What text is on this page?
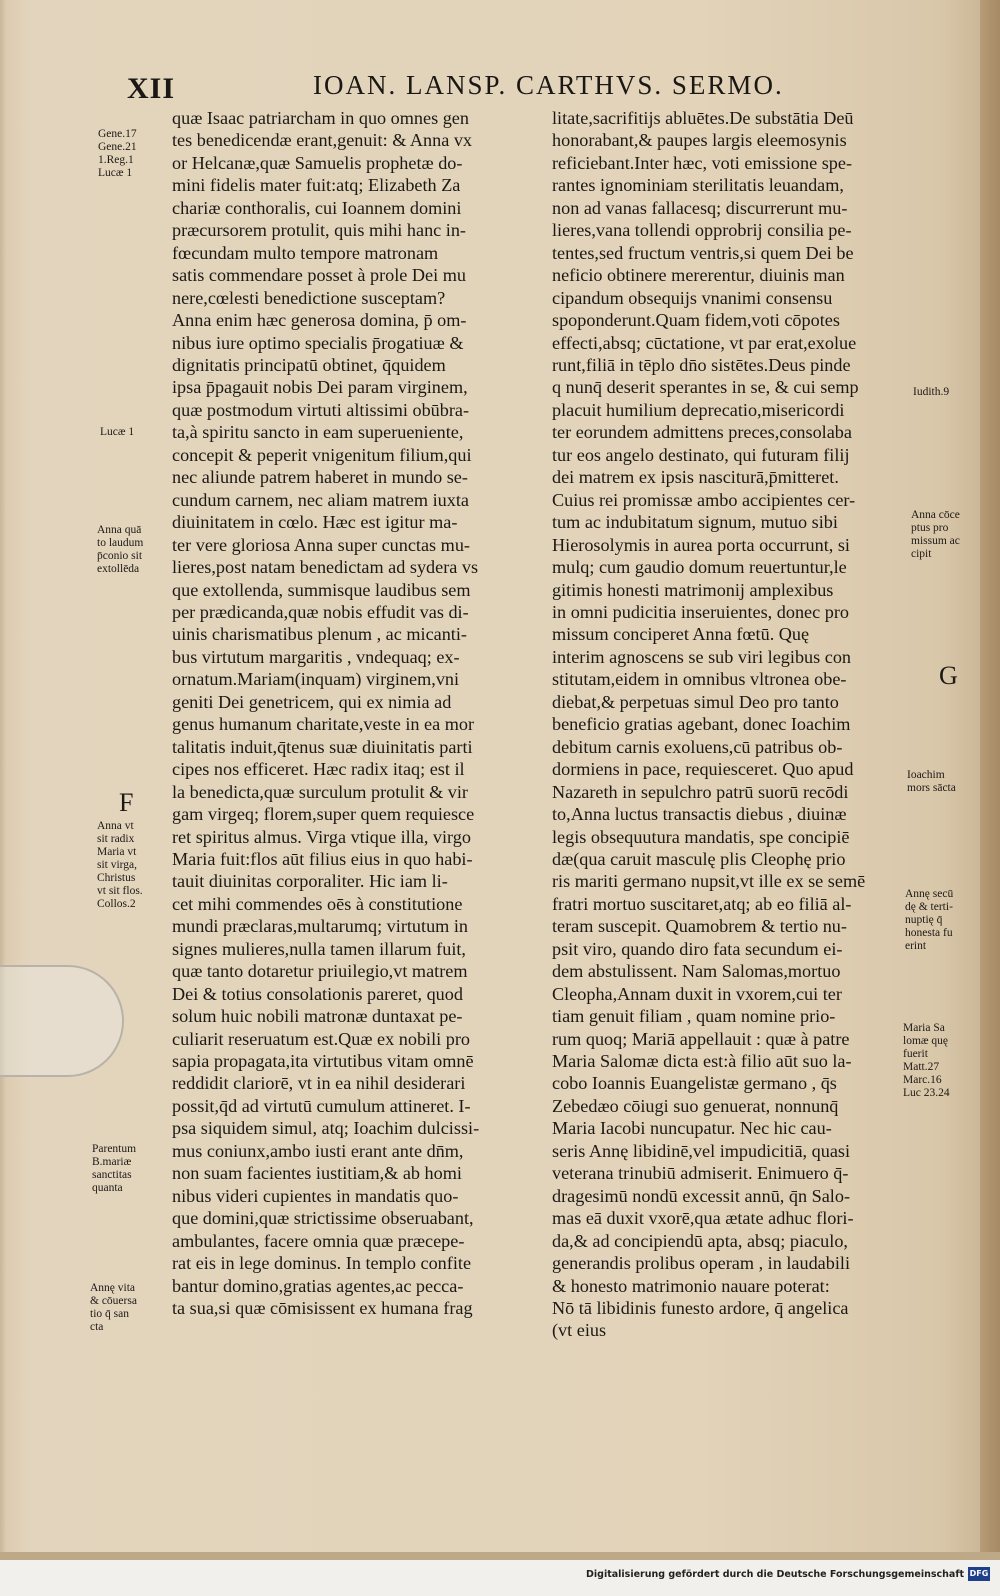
XII	IOAN. LANSP. CARTHVS. SERMO.
quæ Isaac patriarcham in quo omnes gen
tes benedicendæ erant,genuit: & Anna vx
or Helcanæ,quæ Samuelis prophetæ do-
mini fidelis mater fuit:atq; Elizabeth Za
chariæ conthoralis, cui Ioannem domini
præcursorem protulit, quis mihi hanc in-
fœcundam multo tempore matronam
satis commendare posset à prole Dei mu
nere,cœlesti benedictione susceptam?
Anna enim hæc generosa domina, p̄ om-
nibus iure optimo specialis p̄rogatiuæ &
dignitatis principatū obtinet, q̄quidem
ipsa p̄pagauit nobis Dei param virginem,
quæ postmodum virtuti altissimi obūbra-
ta,à spiritu sancto in eam superueniente,
concepit & peperit vnigenitum filium,qui
nec aliunde patrem haberet in mundo se-
cundum carnem, nec aliam matrem iuxta
diuinitatem in cœlo. Hæc est igitur ma-
ter vere gloriosa Anna super cunctas mu-
lieres,post natam benedictam ad sydera vs
que extollenda, summisque laudibus sem
per prædicanda,quæ nobis effudit vas di-
uinis charismatibus plenum , ac micanti-
bus virtutum margaritis , vndequaq; ex-
ornatum.Mariam(inquam) virginem,vni
geniti Dei genetricem, qui ex nimia ad
genus humanum charitate,veste in ea mor
talitatis induit,q̄tenus suæ diuinitatis parti
cipes nos efficeret. Hæc radix itaq; est il
la benedicta,quæ surculum protulit & vir
gam virgeq; florem,super quem requiesce
ret spiritus almus. Virga vtique illa, virgo
Maria fuit:flos aūt filius eius in quo habi-
tauit diuinitas corporaliter. Hic iam li-
cet mihi commendes oēs à constitutione
mundi præclaras,multarumq; virtutum in
signes mulieres,nulla tamen illarum fuit,
quæ tanto dotaretur priuilegio,vt matrem
Dei & totius consolationis pareret, quod
solum huic nobili matronæ duntaxat pe-
culiarit reseruatum est.Quæ ex nobili pro
sapia propagata,ita virtutibus vitam omnē
reddidit clariorē, vt in ea nihil desiderari
possit,q̄d ad virtutū cumulum attineret. I-
psa siquidem simul, atq; Ioachim dulcissi-
mus coniunx,ambo iusti erant ante dn̄m,
non suam facientes iustitiam,& ab homi
nibus videri cupientes in mandatis quo-
que domini,quæ strictissime obseruabant,
ambulantes, facere omnia quæ præcepe-
rat eis in lege dominus. In templo confite
bantur domino,gratias agentes,ac pecca-
ta sua,si quæ cōmisissent ex humana frag
litate,sacrifitijs abluētes.De substātia Deū
honorabant,& paupes largis eleemosynis
reficiebant.Inter hæc, voti emissione spe-
rantes ignominiam sterilitatis leuandam,
non ad vanas fallacesq; discurrerunt mu-
lieres,vana tollendi opprobrij consilia pe-
tentes,sed fructum ventris,si quem Dei be
neficio obtinere mererentur, diuinis man
cipandum obsequijs vnanimi consensu
spoponderunt.Quam fidem,voti cōpotes
effecti,absq; cūctatione, vt par erat,exolue
runt,filiā in tēplo dn̄o sistētes.Deus pinde
q nunq̄ deserit sperantes in se, & cui semp
placuit humilium deprecatio,misericordi
ter eorundem admittens preces,consolaba
tur eos angelo destinato, qui futuram filij
dei matrem ex ipsis nasciturā,p̄mitteret.
Cuius rei promissæ ambo accipientes cer-
tum ac indubitatum signum, mutuo sibi
Hierosolymis in aurea porta occurrunt, si
mulq; cum gaudio domum reuertuntur,le
gitimis honesti matrimonij amplexibus
in omni pudicitia inseruientes, donec pro
missum conciperet Anna fœtū. Quę
interim agnoscens se sub viri legibus con
stitutam,eidem in omnibus vltronea obe-
diebat,& perpetuas simul Deo pro tanto
beneficio gratias agebant, donec Ioachim
debitum carnis exoluens,cū patribus ob-
dormiens in pace, requiesceret. Quo apud
Nazareth in sepulchro patrū suorū recōdi
to,Anna luctus transactis diebus , diuinæ
legis obsequutura mandatis, spe concipiē
dæ(qua caruit masculę plis Cleophę prio
ris mariti germano nupsit,vt ille ex se semē
fratri mortuo suscitaret,atq; ab eo filiā al-
teram suscepit. Quamobrem & tertio nu-
psit viro, quando diro fata secundum ei-
dem abstulissent. Nam Salomas,mortuo
Cleopha,Annam duxit in vxorem,cui ter
tiam genuit filiam , quam nomine prio-
rum quoq; Mariā appellauit : quæ à patre
Maria Salomæ dicta est:à filio aūt suo la-
cobo Ioannis Euangelistæ germano , q̄s
Zebedæo cōiugi suo genuerat, nonnunq̄
Maria Iacobi nuncupatur. Nec hic cau-
seris Annę libidinē,vel impudicitiā, quasi
veterana trinubiū admiserit. Enimuero q̄-
dragesimū nondū excessit annū, q̄n Salo-
mas eā duxit vxorē,qua ætate adhuc flori-
da,& ad concipiendū apta, absq; piaculo,
generandis prolibus operam , in laudabili
& honesto matrimonio nauare poterat:
Nō tā libidinis funesto ardore, q̄ angelica
(vt eius
Gene.17
Gene.21
1.Reg.1
Lucæ 1
Lucæ 1
Anna quā
to laudum
p̄conio sit
extollēda
F
Anna vt
sit radix
Maria vt
sit virga,
Christus
vt sit flos.
Collos.2
Parentum
B.mariæ
sanctitas
quanta
Annę vita
& cōuersa
tio q̄ san
cta
Iudith.9
Anna cōce
ptus pro
missum ac
cipit
G
Ioachim
mors sācta
Annę secū
dę & terti-
nuptię q̄
honesta fu
erint
Maria Sa
lomæ quę
fuerit
Matt.27
Marc.16
Luc 23.24
Digitalisierung gefördert durch die Deutsche Forschungsgemeinschaft DFG
